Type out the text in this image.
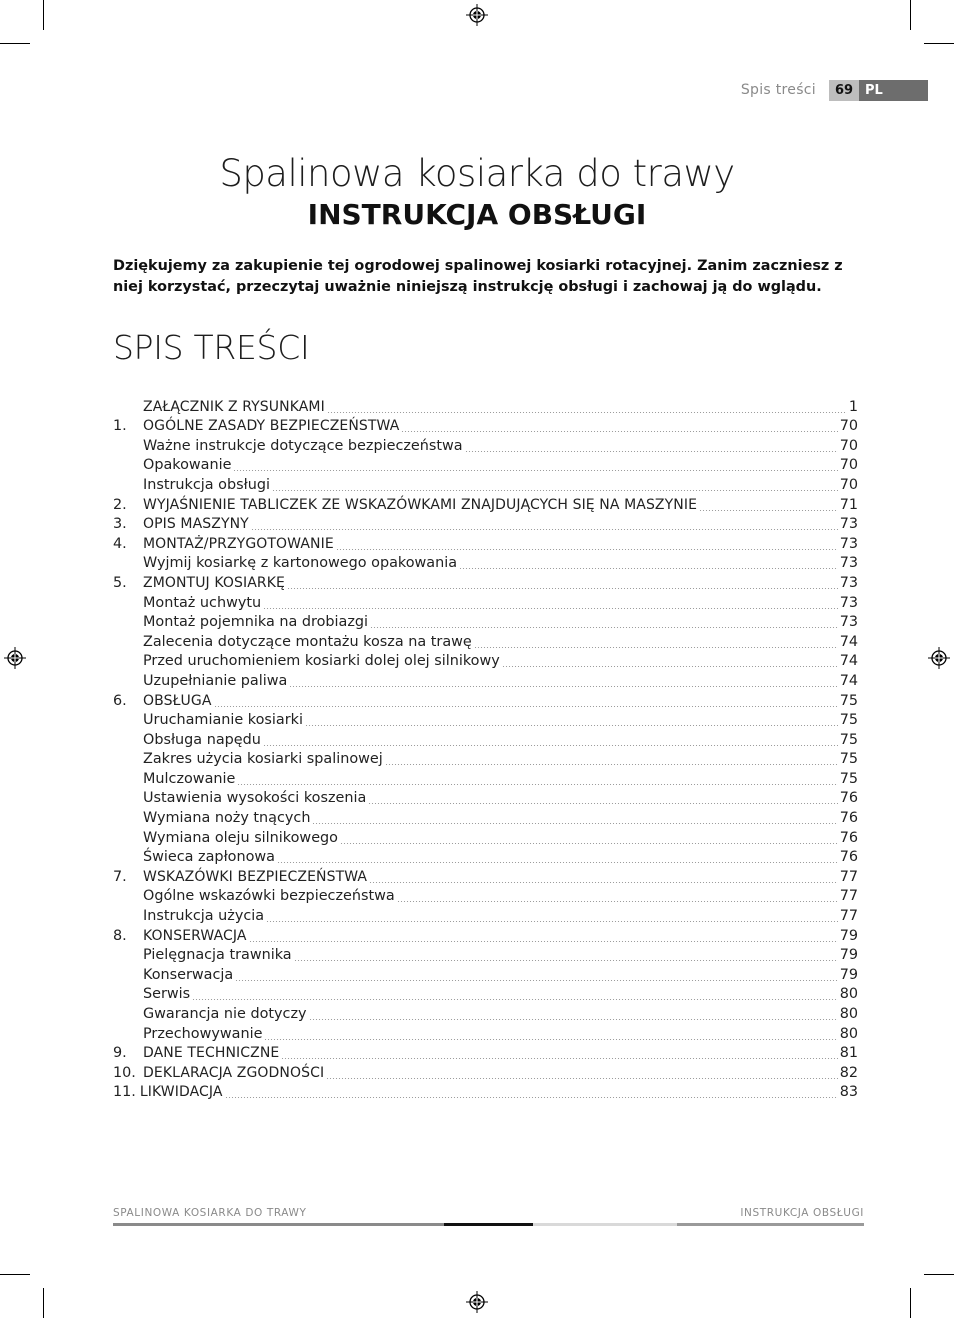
Spis treści	69 PL
Spalinowa kosiarka do trawy
INSTRUKCJA OBSŁUGI
Dziękujemy za zakupienie tej ogrodowej spalinowej kosiarki rotacyjnej. Zanim zaczniesz z niej korzystać, przeczytaj uważnie niniejszą instrukcję obsługi i zachowaj ją do wglądu.
SPIS TREŚCI
ZAŁĄCZNIK Z RYSUNKAMI	1
1.	OGÓLNE ZASADY BEZPIECZEŃSTWA	70
Ważne instrukcje dotyczące bezpieczeństwa	70
Opakowanie	70
Instrukcja obsługi	70
2.	WYJAŚNIENIE TABLICZEK ZE WSKAZÓWKAMI ZNAJDUJĄCYCH SIĘ NA MASZYNIE	71
3.	OPIS MASZYNY	73
4.	MONTAŻ/PRZYGOTOWANIE	73
Wyjmij kosiarkę z kartonowego opakowania	73
5.	ZMONTUJ KOSIARKĘ	73
Montaż uchwytu	73
Montaż pojemnika na drobiazgi	73
Zalecenia dotyczące montażu kosza na trawę	74
Przed uruchomieniem kosiarki dolej olej silnikowy	74
Uzupełnianie paliwa	74
6.	OBSŁUGA	75
Uruchamianie kosiarki	75
Obsługa napędu	75
Zakres użycia kosiarki spalinowej	75
Mulczowanie	75
Ustawienia wysokości koszenia	76
Wymiana noży tnących	76
Wymiana oleju silnikowego	76
Świeca zapłonowa	76
7.	WSKAZÓWKI BEZPIECZEŃSTWA	77
Ogólne wskazówki bezpieczeństwa	77
Instrukcja użycia	77
8.	KONSERWACJA	79
Pielęgnacja trawnika	79
Konserwacja	79
Serwis	80
Gwarancja nie dotyczy	80
Przechowywanie	80
9.	DANE TECHNICZNE	81
10. DEKLARACJA ZGODNOŚCI	82
11. LIKWIDACJA	83
SPALINOWA KOSIARKA DO TRAWY	INSTRUKCJA OBSŁUGI
